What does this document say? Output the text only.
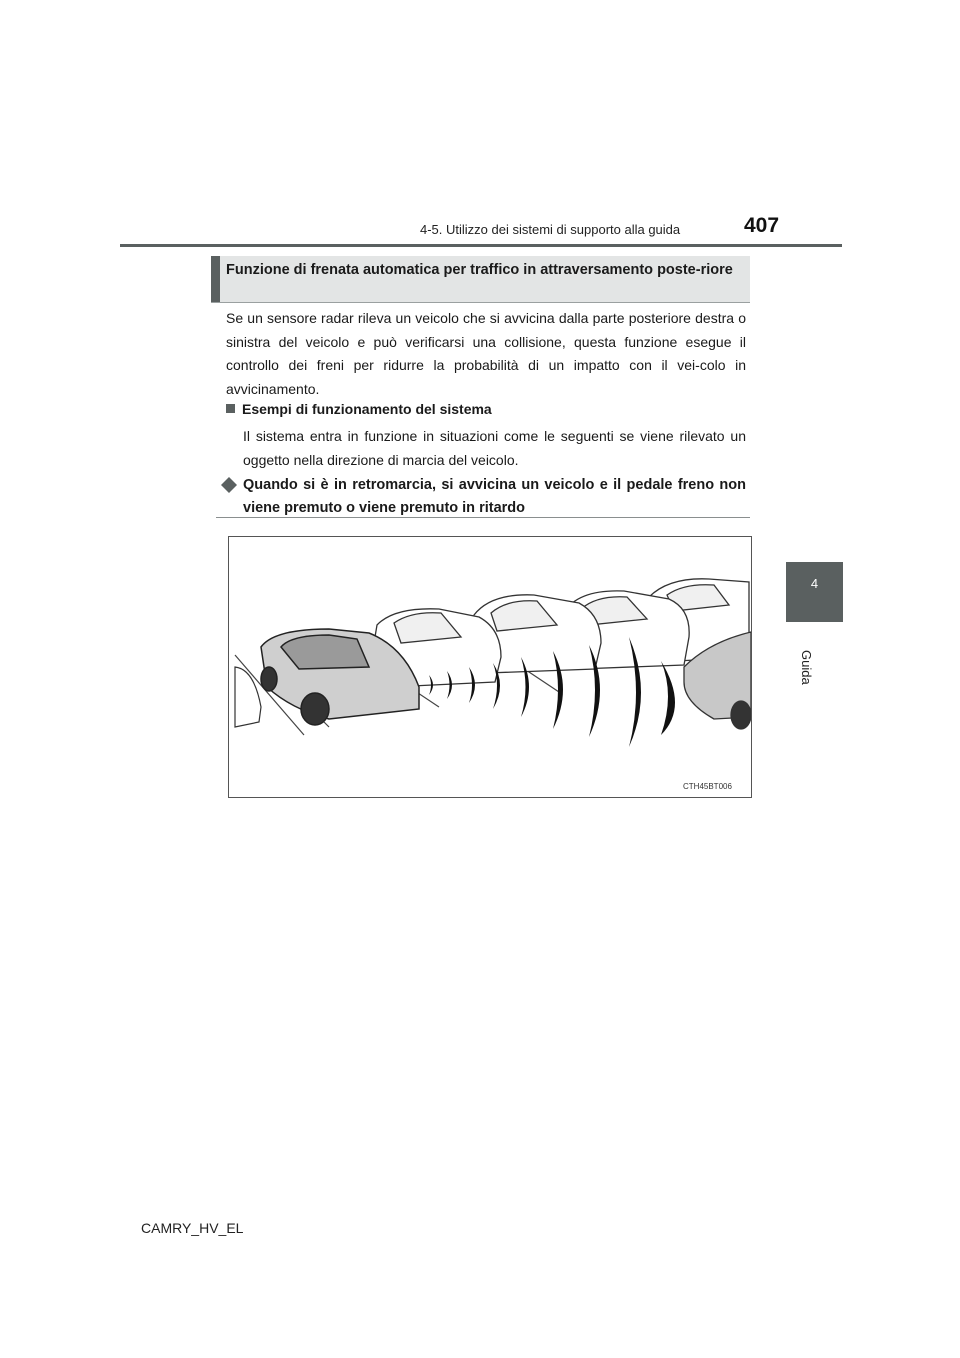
4-5. Utilizzo dei sistemi di supporto alla guida	407
4
Guida
Funzione di frenata automatica per traffico in attraversamento poste-riore
Se un sensore radar rileva un veicolo che si avvicina dalla parte posteriore destra o sinistra del veicolo e può verificarsi una collisione, questa funzione esegue il controllo dei freni per ridurre la probabilità di un impatto con il vei-colo in avvicinamento.
Esempi di funzionamento del sistema
Il sistema entra in funzione in situazioni come le seguenti se viene rilevato un oggetto nella direzione di marcia del veicolo.
Quando si è in retromarcia, si avvicina un veicolo e il pedale freno non viene premuto o viene premuto in ritardo
CTH45BT006
CAMRY_HV_EL
